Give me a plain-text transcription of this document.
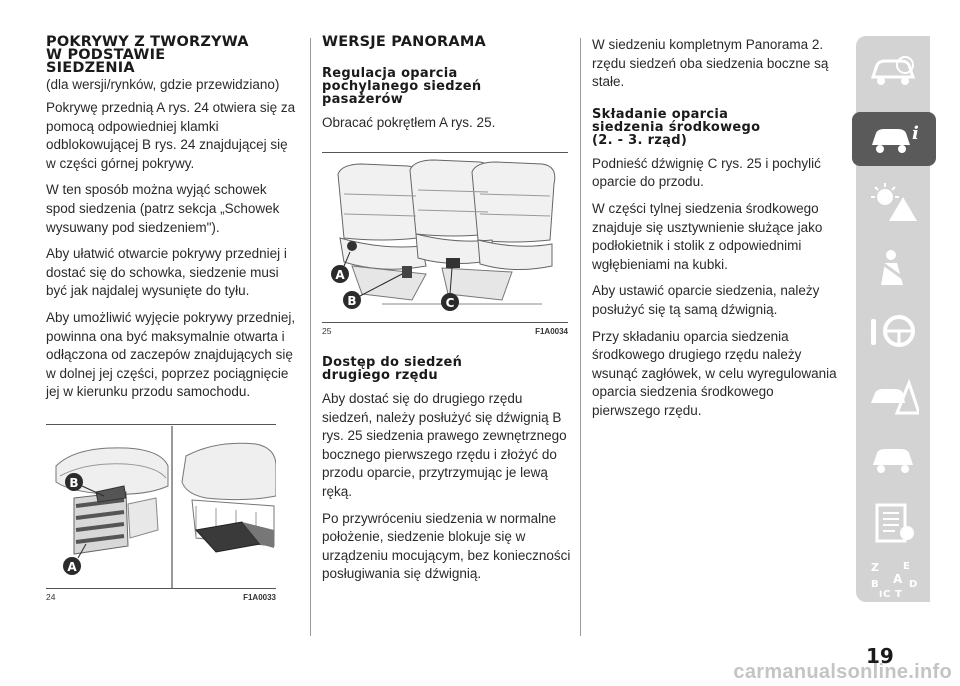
POKRYWY Z TWORZYWA
W PODSTAWIE
SIEDZENIA
(dla wersji/rynków, gdzie przewidziano)
Pokrywę przednią A rys. 24 otwiera się za pomocą odpowiedniej klamki odblokowującej B rys. 24 znajdującej się w części górnej pokrywy.
W ten sposób można wyjąć schowek spod siedzenia (patrz sekcja „Schowek wysuwany pod siedzeniem").
Aby ułatwić otwarcie pokrywy przedniej i dostać się do schowka, siedzenie musi być jak najdalej wysunięte do tyłu.
Aby umożliwić wyjęcie pokrywy przedniej, powinna ona być maksymalnie otwarta i odłączona od zaczepów znajdujących się w dolnej jej części, poprzez pociągnięcie jej w kierunku przodu samochodu.
B
A
24	F1A0033
WERSJE PANORAMA
Regulacja oparcia
pochylanego siedzeń
pasażerów
Obracać pokrętłem A rys. 25.
A
B	C
25	F1A0034
Dostęp do siedzeń
drugiego rzędu
Aby dostać się do drugiego rzędu siedzeń, należy posłużyć się dźwignią B rys. 25 siedzenia prawego zewnętrznego bocznego pierwszego rzędu i złożyć do przodu oparcie, przytrzymując je lewą ręką.
Po przywróceniu siedzenia w normalne położenie, siedzenie blokuje się w urządzeniu mocującym, bez konieczności posługiwania się dźwignią.
W siedzeniu kompletnym Panorama 2. rzędu siedzeń oba siedzenia boczne są stałe.
Składanie oparcia
siedzenia środkowego
(2. - 3. rząd)
Podnieść dźwignię C rys. 25 i pochylić oparcie do przodu.
W części tylnej siedzenia środkowego znajduje się usztywnienie służące jako podłokietnik i stolik z odpowiednimi wgłębieniami na kubki.
Aby ustawić oparcie siedzenia, należy posłużyć się tą samą dźwignią.
Przy składaniu oparcia siedzenia środkowego drugiego rzędu należy wsunąć zagłówek, w celu wyregulowania oparcia siedzenia środkowego pierwszego rzędu.
i
Z E
A
B	D
C T
I
19
carmanualsonline.info
